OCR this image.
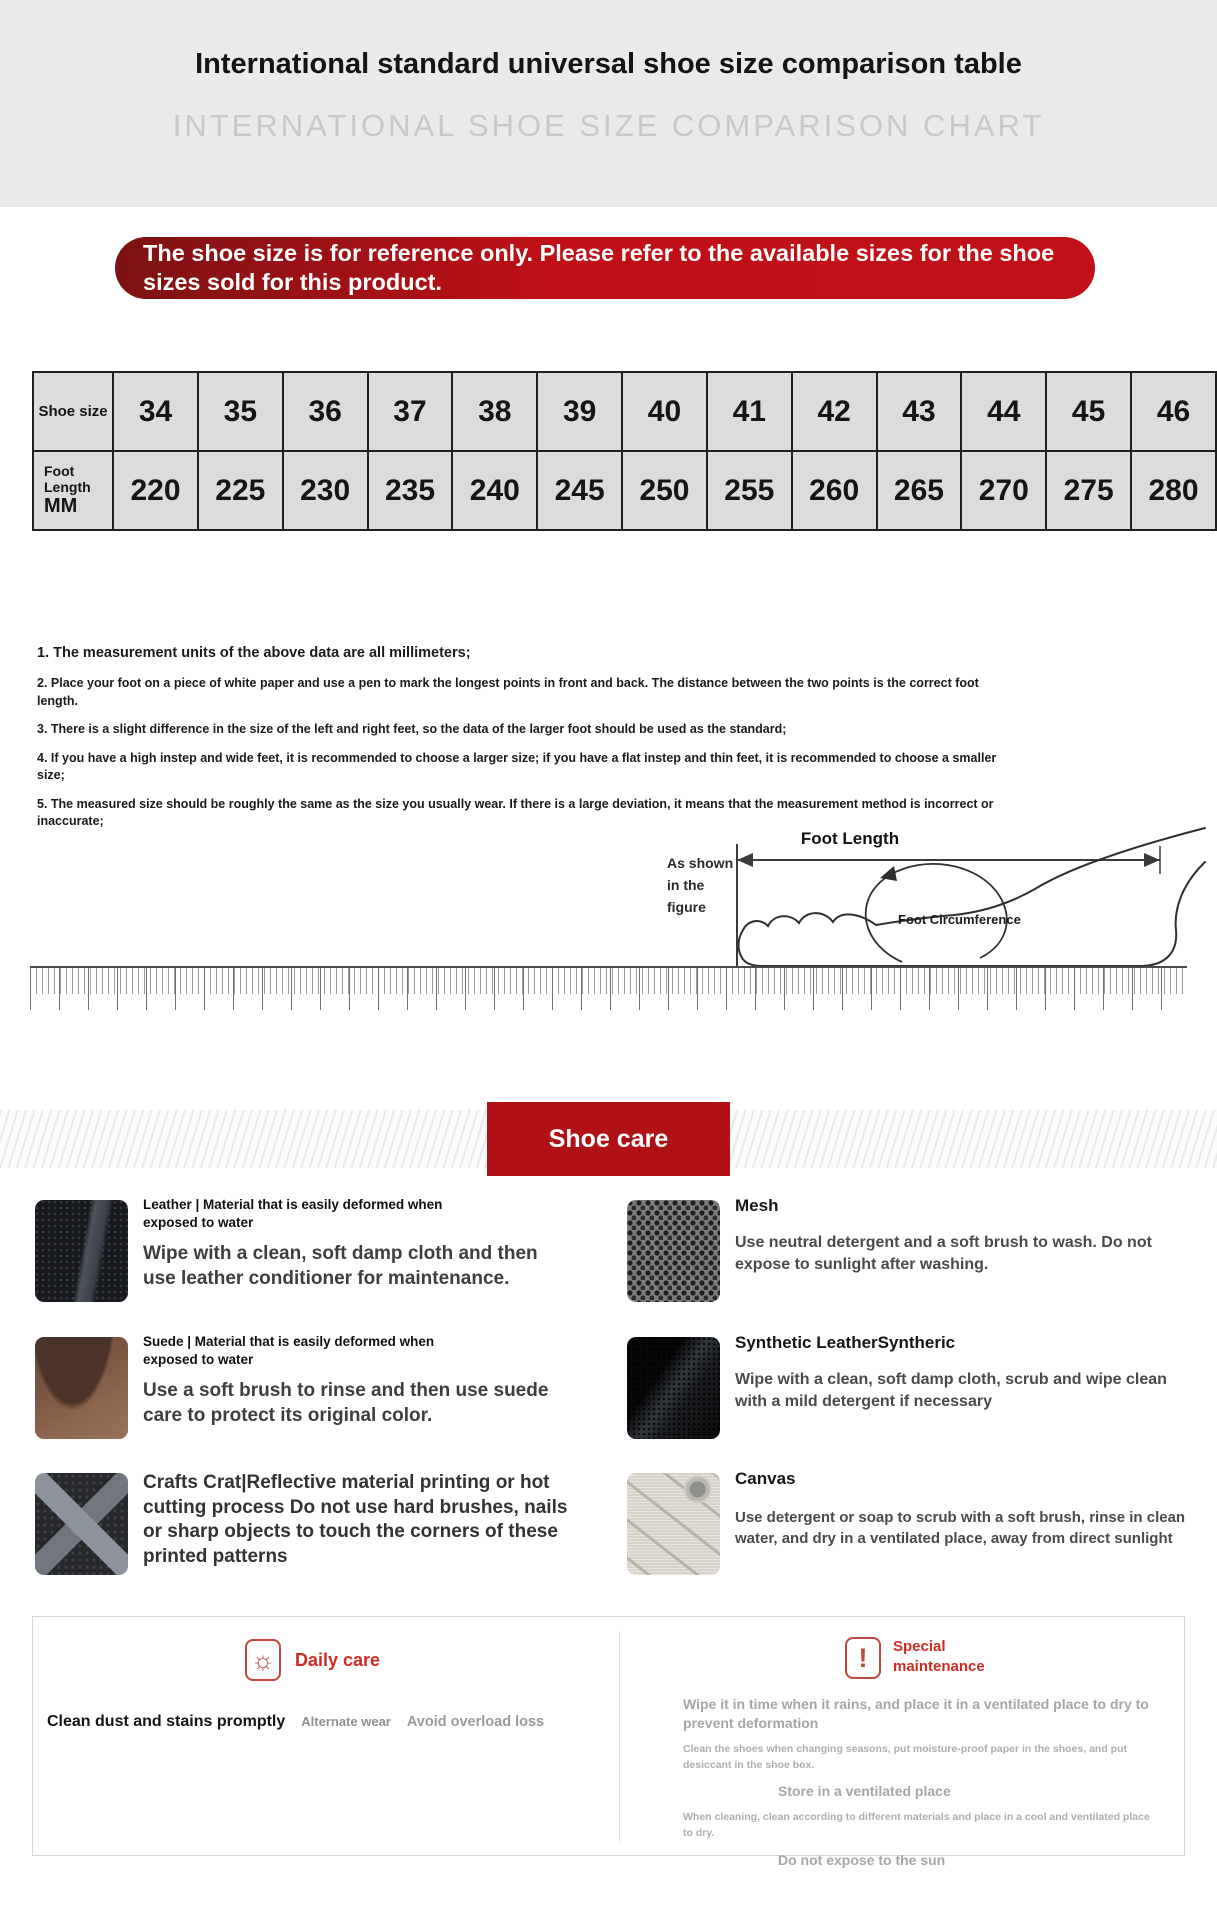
International standard universal shoe size comparison table
INTERNATIONAL SHOE SIZE COMPARISON CHART
The shoe size is for reference only. Please refer to the available sizes for the shoe sizes sold for this product.
Shoe size	34	35	36	37	38	39	40	41	42	43	44	45	46

Foot Length
MM	220	225	230	235	240	245	250	255	260	265	270	275	280

1. The measurement units of the above data are all millimeters;

2. Place your foot on a piece of white paper and use a pen to mark the longest points in front and back. The distance between the two points is the correct foot length.

3. There is a slight difference in the size of the left and right feet, so the data of the larger foot should be used as the standard;

4. If you have a high instep and wide feet, it is recommended to choose a larger size; if you have a flat instep and thin feet, it is recommended to choose a smaller size;

5. The measured size should be roughly the same as the size you usually wear. If there is a large deviation, it means that the measurement method is incorrect or inaccurate;

Foot Length
As shown
in the
figure
Foot Circumference
Shoe care
Leather | Material that is easily deformed when exposed to water
Wipe with a clean, soft damp cloth and then use leather conditioner for maintenance.
Mesh
Use neutral detergent and a soft brush to wash. Do not expose to sunlight after washing.
Suede | Material that is easily deformed when exposed to water
Use a soft brush to rinse and then use suede care to protect its original color.
Synthetic LeatherSyntheric
Wipe with a clean, soft damp cloth, scrub and wipe clean with a mild detergent if necessary
Crafts Crat|Reflective material printing or hot cutting process Do not use hard brushes, nails or sharp objects to touch the corners of these printed patterns
Canvas
Use detergent or soap to scrub with a soft brush, rinse in clean water, and dry in a ventilated place, away from direct sunlight
☼
Daily care
Clean dust and stains promptly Alternate wear Avoid overload loss
!
Special maintenance

Wipe it in time when it rains, and place it in a ventilated place to dry to prevent deformation

Clean the shoes when changing seasons, put moisture-proof paper in the shoes, and put desiccant in the shoe box.

Store in a ventilated place

When cleaning, clean according to different materials and place in a cool and ventilated place to dry.

Do not expose to the sun
